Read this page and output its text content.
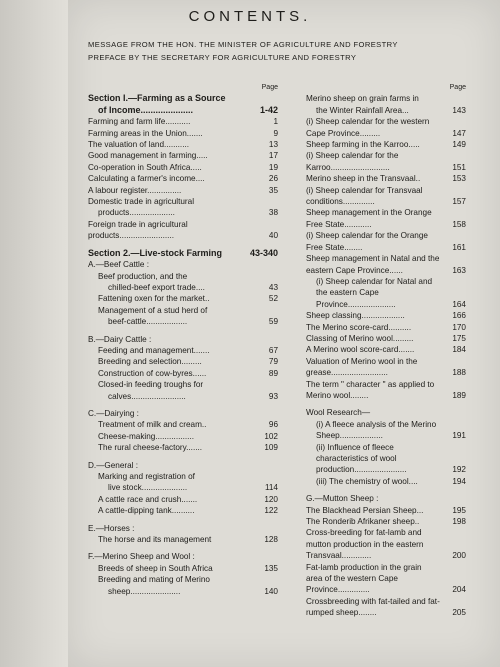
CONTENTS.
MESSAGE FROM THE HON. THE MINISTER OF AGRICULTURE AND FORESTRY
PREFACE BY THE SECRETARY FOR AGRICULTURE AND FORESTRY
Page
Section I.—Farming as a Source
of Income.....................	1-42
Farming and farm life...........	1
Farming areas in the Union.......	9
The valuation of land...........	13
Good management in farming.....	17
Co-operation in South Africa.....	19
Calculating a farmer's income....	26
A labour register...............	35
Domestic trade in agricultural
products....................	38
Foreign trade in agricultural products........................	40
Section 2.—Live-stock Farming	43-340
A.—Beef Cattle :
Beef production, and the
chilled-beef export trade....	43
Fattening oxen for the market..	52
Management of a stud herd of
beef-cattle..................	59
B.—Dairy Cattle :
Feeding and management.......	67
Breeding and selection.........	79
Construction of cow-byres......	89
Closed-in feeding troughs for
calves........................	93
C.—Dairying :
Treatment of milk and cream..	96
Cheese-making.................	102
The rural cheese-factory.......	109
D.—General :
Marking and registration of
live stock....................	114
A cattle race and crush.......	120
A cattle-dipping tank..........	122
E.—Horses :
The horse and its management	128
F.—Merino Sheep and Wool :
Breeds of sheep in South Africa	135
Breeding and mating of Merino
sheep......................	140
Page
Merino sheep on grain farms in
the Winter Rainfall Area...	143
(i) Sheep calendar for the western Cape Province.........	147
Sheep farming in the Karroo.....	149
(i) Sheep calendar for the Karroo..........................	151
Merino sheep in the Transvaal..	153
(i) Sheep calendar for Transvaal conditions..............	157
Sheep management in the Orange Free State............	158
(i) Sheep calendar for the Orange Free State........	161
Sheep management in Natal and the eastern Cape Province......	163
(i) Sheep calendar for Natal and the eastern Cape Province.....................	164
Sheep classing...................	166
The Merino score-card..........	170
Classing of Merino wool.........	175
A Merino wool score-card.......	184
Valuation of Merino wool in the grease.........................	188
The term " character " as applied to Merino wool........	189
Wool Research—
(i) A fleece analysis of the Merino Sheep...................	191
(ii) Influence of fleece characteristics of wool production.......................	192
(iii) The chemistry of wool....	194
G.—Mutton Sheep :
The Blackhead Persian Sheep...	195
The Ronderib Afrikaner sheep..	198
Cross-breeding for fat-lamb and mutton production in the eastern Transvaal.............	200
Fat-lamb production in the grain area of the western Cape Province..............	204
Crossbreeding with fat-tailed and fat-rumped sheep........	205
